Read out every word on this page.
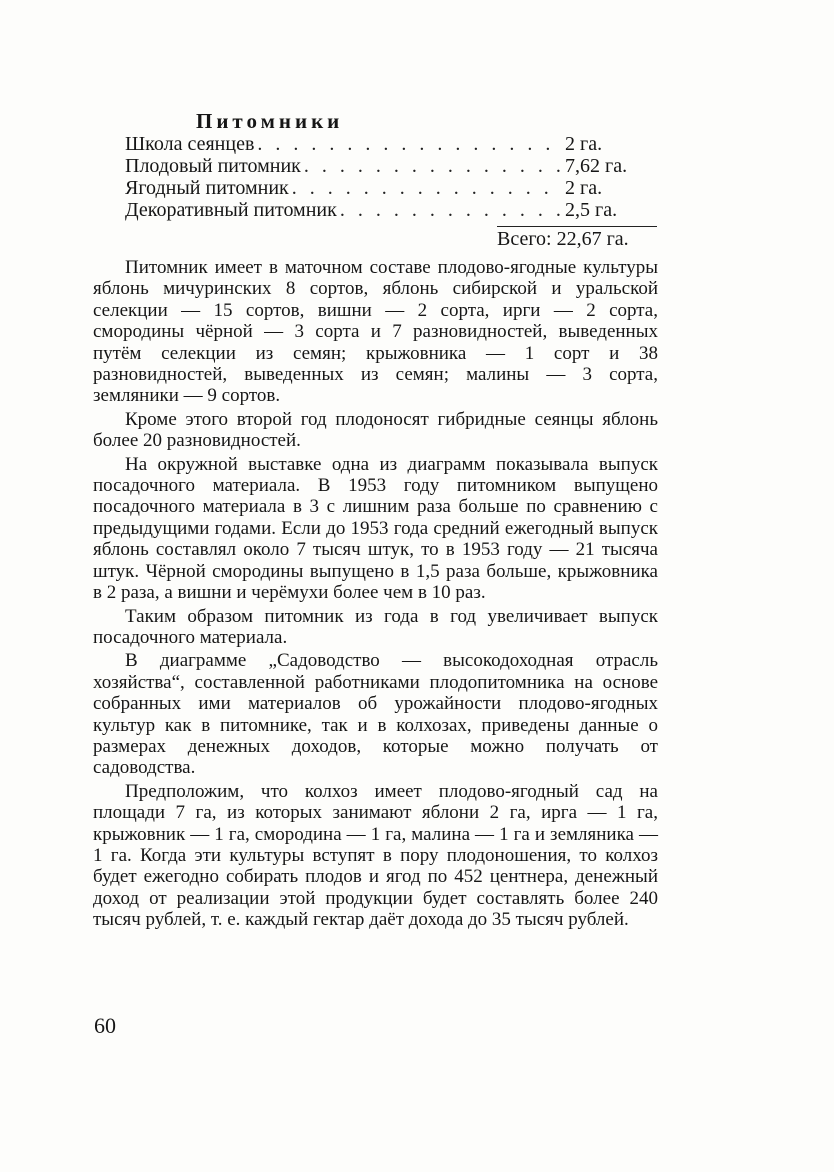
Питомники
Школа сеянцев . . .	2 га.
Плодовый питомник . . .	7,62 га.
Ягодный питомник . . .	2 га.
Декоративный питомник . . .	2,5 га.
Всего: 22,67 га.

Питомник имеет в маточном составе плодово-ягодные культуры яблонь мичуринских 8 сортов, яблонь сибирской и уральской селекции — 15 сортов, вишни — 2 сорта, ирги — 2 сорта, смородины чёрной — 3 сорта и 7 разновидностей, выведенных путём селекции из семян; крыжовника — 1 сорт и 38 разновидностей, выведенных из семян; малины — 3 сорта, земляники — 9 сортов.

Кроме этого второй год плодоносят гибридные сеянцы яблонь более 20 разновидностей.

На окружной выставке одна из диаграмм показывала выпуск посадочного материала. В 1953 году питомником выпущено посадочного материала в 3 с лишним раза больше по сравнению с предыдущими годами. Если до 1953 года средний ежегодный выпуск яблонь составлял около 7 тысяч штук, то в 1953 году — 21 тысяча штук. Чёрной смородины выпущено в 1,5 раза больше, крыжовника в 2 раза, а вишни и черёмухи более чем в 10 раз.

Таким образом питомник из года в год увеличивает выпуск посадочного материала.

В диаграмме „Садоводство — высокодоходная отрасль хозяйства“, составленной работниками плодопитомника на основе собранных ими материалов об урожайности плодово-ягодных культур как в питомнике, так и в колхозах, приведены данные о размерах денежных доходов, которые можно получать от садоводства.

Предположим, что колхоз имеет плодово-ягодный сад на площади 7 га, из которых занимают яблони 2 га, ирга — 1 га, крыжовник — 1 га, смородина — 1 га, малина — 1 га и земляника — 1 га. Когда эти культуры вступят в пору плодоношения, то колхоз будет ежегодно собирать плодов и ягод по 452 центнера, денежный доход от реализации этой продукции будет составлять более 240 тысяч рублей, т. е. каждый гектар даёт дохода до 35 тысяч рублей.

60
